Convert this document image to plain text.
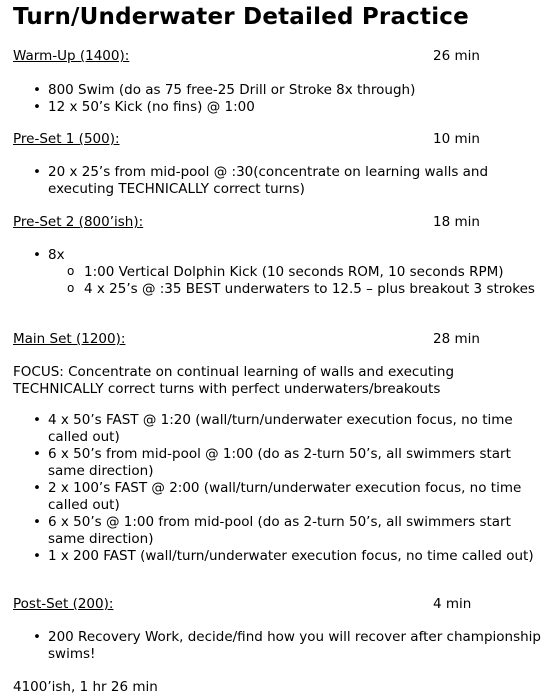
Turn/Underwater Detailed Practice
Warm-Up (1400):	26 min
• 800 Swim (do as 75 free-25 Drill or Stroke 8x through)
• 12 x 50’s Kick (no fins) @ 1:00
Pre-Set 1 (500):	10 min
• 20 x 25’s from mid-pool @ :30(concentrate on learning walls and executing TECHNICALLY correct turns)
Pre-Set 2 (800’ish):	18 min
• 8x
o 1:00 Vertical Dolphin Kick (10 seconds ROM, 10 seconds RPM)
o 4 x 25’s @ :35 BEST underwaters to 12.5 – plus breakout 3 strokes
Main Set (1200):	28 min

FOCUS: Concentrate on continual learning of walls and executing TECHNICALLY correct turns with perfect underwaters/breakouts

• 4 x 50’s FAST @ 1:20 (wall/turn/underwater execution focus, no time called out)
• 6 x 50’s from mid-pool @ 1:00 (do as 2-turn 50’s, all swimmers start same direction)
• 2 x 100’s FAST @ 2:00 (wall/turn/underwater execution focus, no time called out)
• 6 x 50’s @ 1:00 from mid-pool (do as 2-turn 50’s, all swimmers start same direction)
• 1 x 200 FAST (wall/turn/underwater execution focus, no time called out)
Post-Set (200):	4 min
• 200 Recovery Work, decide/find how you will recover after championship swims!
4100’ish, 1 hr 26 min
